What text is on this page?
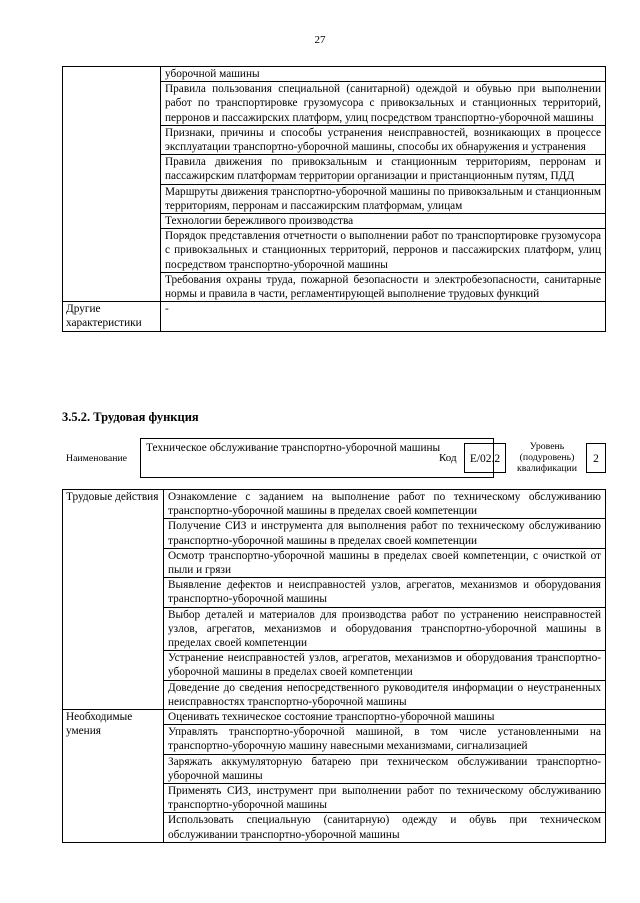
27
	уборочной машины
	Правила пользования специальной (санитарной) одеждой и обувью при выполнении работ по транспортировке грузомусора с привокзальных и станционных территорий, перронов и пассажирских платформ, улиц посредством транспортно-уборочной машины
	Признаки, причины и способы устранения неисправностей, возникающих в процессе эксплуатации транспортно-уборочной машины, способы их обнаружения и устранения
	Правила движения по привокзальным и станционным территориям, перронам и пассажирским платформам территории организации и пристанционным путям, ПДД
	Маршруты движения транспортно-уборочной машины по привокзальным и станционным территориям, перронам и пассажирским платформам, улицам
	Технологии бережливого производства
	Порядок представления отчетности о выполнении работ по транспортировке грузомусора с привокзальных и станционных территорий, перронов и пассажирских платформ, улиц посредством транспортно-уборочной машины
	Требования охраны труда, пожарной безопасности и электробезопасности, санитарные нормы и правила в части, регламентирующей выполнение трудовых функций
Другие характеристики	-
3.5.2. Трудовая функция
Наименование
Техническое обслуживание транспортно-уборочной машины
Код	E/02.2
Уровень (подуровень) квалификации
2
Трудовые действия	Ознакомление с заданием на выполнение работ по техническому обслуживанию транспортно-уборочной машины в пределах своей компетенции
	Получение СИЗ и инструмента для выполнения работ по техническому обслуживанию транспортно-уборочной машины в пределах своей компетенции
	Осмотр транспортно-уборочной машины в пределах своей компетенции, с очисткой от пыли и грязи
	Выявление дефектов и неисправностей узлов, агрегатов, механизмов и оборудования транспортно-уборочной машины
	Выбор деталей и материалов для производства работ по устранению неисправностей узлов, агрегатов, механизмов и оборудования транспортно-уборочной машины в пределах своей компетенции
	Устранение неисправностей узлов, агрегатов, механизмов и оборудования транспортно-уборочной машины в пределах своей компетенции
	Доведение до сведения непосредственного руководителя информации о неустраненных неисправностях транспортно-уборочной машины
Необходимые умения	Оценивать техническое состояние транспортно-уборочной машины
	Управлять транспортно-уборочной машиной, в том числе установленными на транспортно-уборочную машину навесными механизмами, сигнализацией
	Заряжать аккумуляторную батарею при техническом обслуживании транспортно-уборочной машины
	Применять СИЗ, инструмент при выполнении работ по техническому обслуживанию транспортно-уборочной машины
	Использовать специальную (санитарную) одежду и обувь при техническом обслуживании транспортно-уборочной машины
